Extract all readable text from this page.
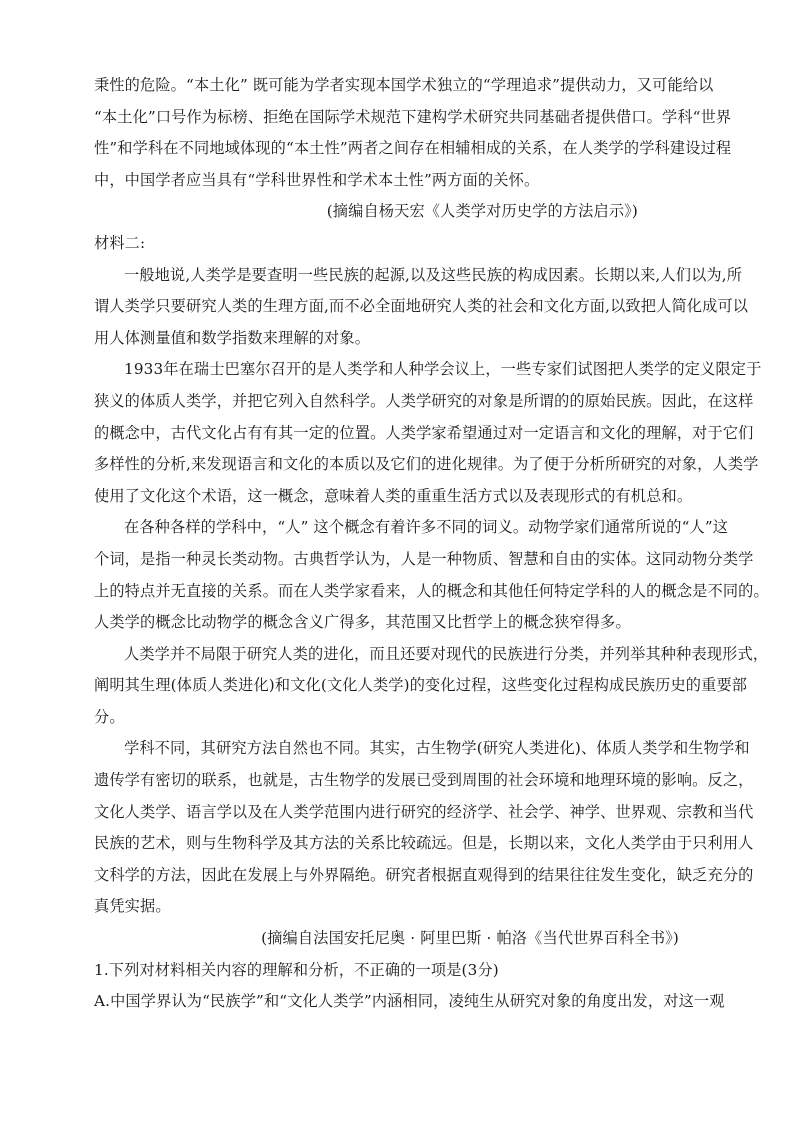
秉性的危险。“本土化” 既可能为学者实现本国学术独立的“学理追求”提供动力，又可能给以
“本土化”口号作为标榜、拒绝在国际学术规范下建构学术研究共同基础者提供借口。学科“世界
性”和学科在不同地域体现的“本土性”两者之间存在相辅相成的关系，在人类学的学科建设过程
中，中国学者应当具有“学科世界性和学术本土性”两方面的关怀。
(摘编自杨天宏《人类学对历史学的方法启示》)
材料二:
一般地说,人类学是要查明一些民族的起源,以及这些民族的构成因素。长期以来,人们以为,所
谓人类学只要研究人类的生理方面,而不必全面地研究人类的社会和文化方面,以致把人简化成可以
用人体测量值和数学指数来理解的对象。
1933年在瑞士巴塞尔召开的是人类学和人种学会议上，一些专家们试图把人类学的定义限定于
狭义的体质人类学，并把它列入自然科学。人类学研究的对象是所谓的的原始民族。因此，在这样
的概念中，古代文化占有有其一定的位置。人类学家希望通过对一定语言和文化的理解，对于它们
多样性的分析,来发现语言和文化的本质以及它们的进化规律。为了便于分析所研究的对象，人类学
使用了文化这个术语，这一概念，意味着人类的重重生活方式以及表现形式的有机总和。
在各种各样的学科中，“人” 这个概念有着许多不同的词义。动物学家们通常所说的“人”这
个词，是指一种灵长类动物。古典哲学认为，人是一种物质、智慧和自由的实体。这同动物分类学
上的特点并无直接的关系。而在人类学家看来，人的概念和其他任何特定学科的人的概念是不同的。
人类学的概念比动物学的概念含义广得多，其范围又比哲学上的概念狭窄得多。
人类学并不局限于研究人类的进化，而且还要对现代的民族进行分类，并列举其种种表现形式，
阐明其生理(体质人类进化)和文化(文化人类学)的变化过程，这些变化过程构成民族历史的重要部
分。
学科不同，其研究方法自然也不同。其实，古生物学(研究人类进化)、体质人类学和生物学和
遗传学有密切的联系，也就是，古生物学的发展已受到周围的社会环境和地理环境的影响。反之，
文化人类学、语言学以及在人类学范围内进行研究的经济学、社会学、神学、世界观、宗教和当代
民族的艺术，则与生物科学及其方法的关系比较疏远。但是，长期以来，文化人类学由于只利用人
文科学的方法，因此在发展上与外界隔绝。研究者根据直观得到的结果往往发生变化，缺乏充分的
真凭实据。
(摘编自法国安托尼奥 · 阿里巴斯 · 帕洛《当代世界百科全书》)
1.下列对材料相关内容的理解和分析，不正确的一项是(3分)
A.中国学界认为“民族学”和“文化人类学”内涵相同，凌纯生从研究对象的角度出发，对这一观
